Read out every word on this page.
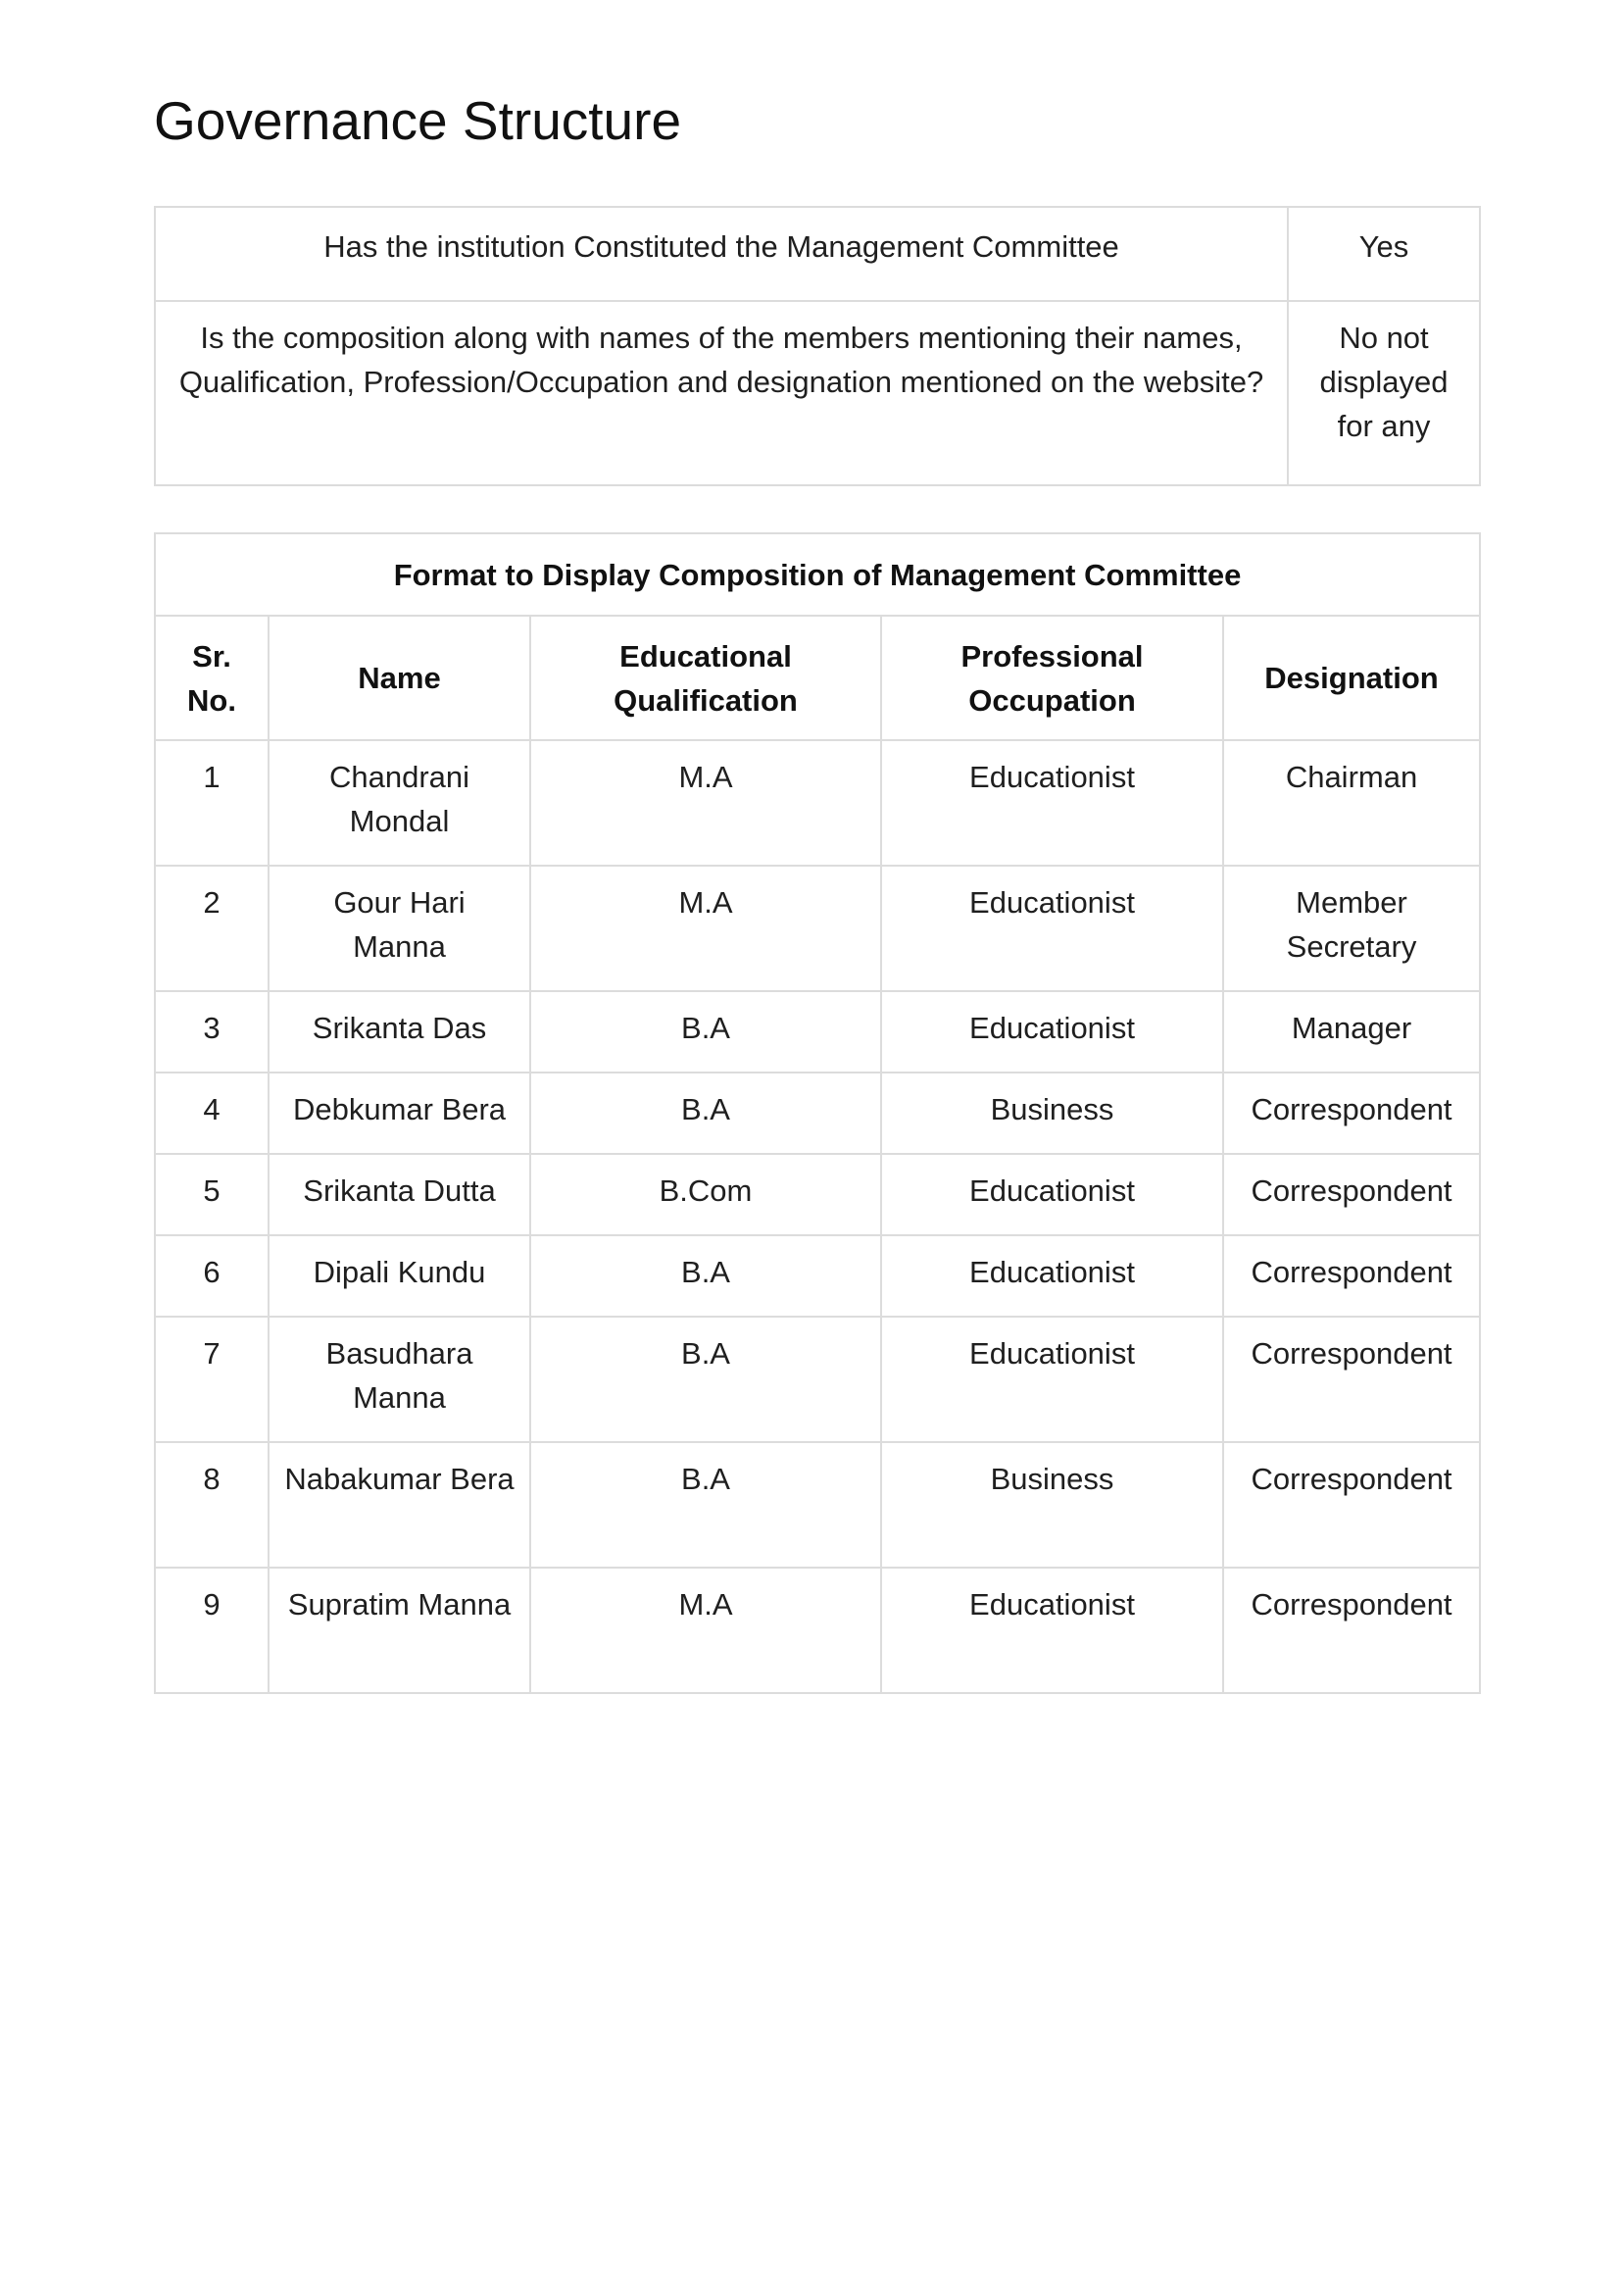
Governance Structure
Has the institution Constituted the Management Committee	Yes
Is the composition along with names of the members mentioning their names, Qualification, Profession/Occupation and designation mentioned on the website?	No not displayed for any
Format to Display Composition of Management Committee				
Sr. No.	Name	Educational Qualification	Professional Occupation	Designation
1	Chandrani Mondal	M.A	Educationist	Chairman
2	Gour Hari Manna	M.A	Educationist	Member Secretary
3	Srikanta Das	B.A	Educationist	Manager
4	Debkumar Bera	B.A	Business	Correspondent
5	Srikanta Dutta	B.Com	Educationist	Correspondent
6	Dipali Kundu	B.A	Educationist	Correspondent
7	Basudhara Manna	B.A	Educationist	Correspondent
8	Nabakumar Bera	B.A	Business	Correspondent
9	Supratim Manna	M.A	Educationist	Correspondent
